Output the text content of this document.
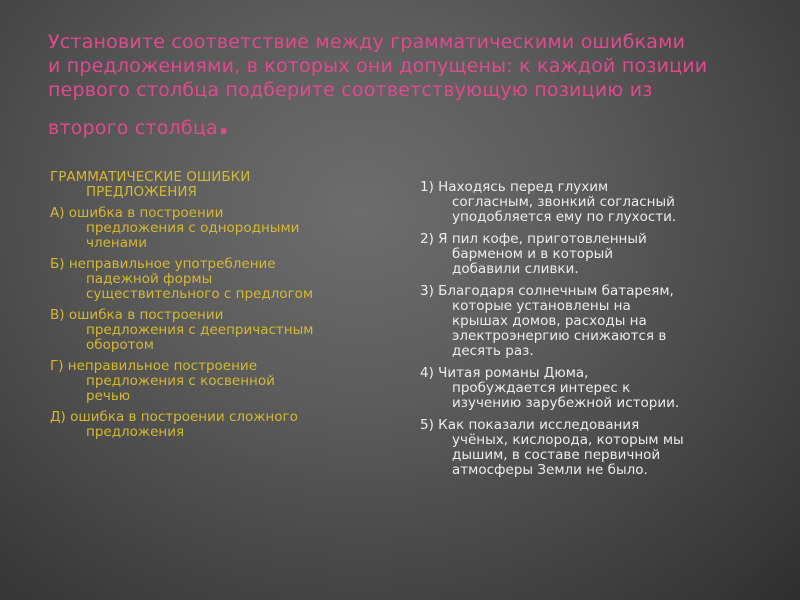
Установите соответствие между грамматическими ошибками
и предложениями, в которых они допущены: к каждой позиции
первого столбца подберите соответствующую позицию из
второго столбца.
ГРАММАТИЧЕСКИЕ ОШИБКИ
ПРЕДЛОЖЕНИЯ
А) ошибка в построении
предложения с однородными
членами
Б) неправильное употребление
падежной формы
существительного с предлогом
В) ошибка в построении
предложения с деепричастным
оборотом
Г) неправильное построение
предложения с косвенной
речью
Д) ошибка в построении сложного
предложения
1) Находясь перед глухим
согласным, звонкий согласный
уподобляется ему по глухости.
2) Я пил кофе, приготовленный
барменом и в который
добавили сливки.
3) Благодаря солнечным батареям,
которые установлены на
крышах домов, расходы на
электроэнергию снижаются в
десять раз.
4) Читая романы Дюма,
пробуждается интерес к
изучению зарубежной истории.
5) Как показали исследования
учёных, кислорода, которым мы
дышим, в составе первичной
атмосферы Земли не было.
